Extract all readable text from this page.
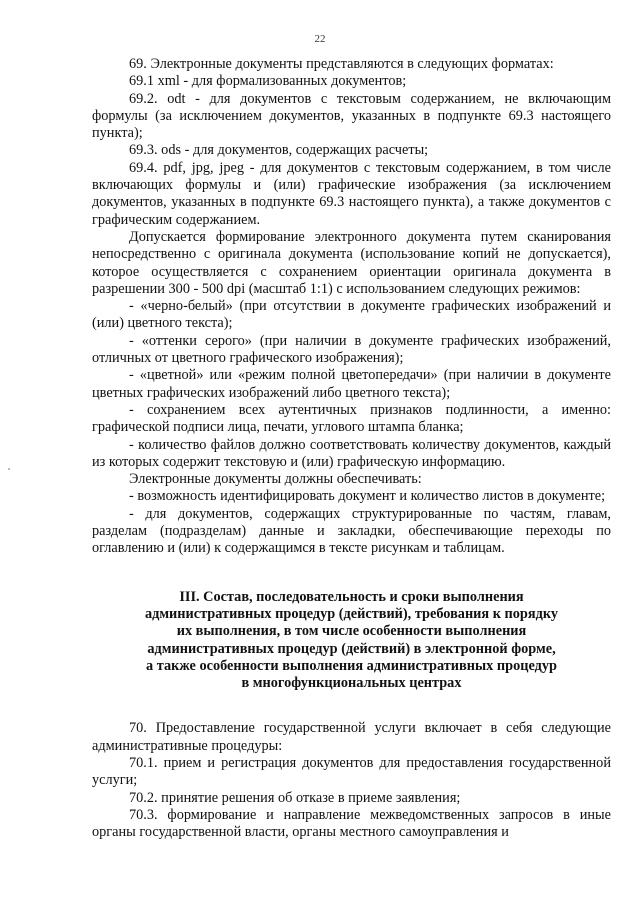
22

69. Электронные документы представляются в следующих форматах:

69.1 xml - для формализованных документов;

69.2. odt - для документов с текстовым содержанием, не включающим формулы (за исключением документов, указанных в подпункте 69.3 настоящего пункта);

69.3. ods - для документов, содержащих расчеты;

69.4. pdf, jpg, jpeg - для документов с текстовым содержанием, в том числе включающих формулы и (или) графические изображения (за исключением документов, указанных в подпункте 69.3 настоящего пункта), а также документов с графическим содержанием.

Допускается формирование электронного документа путем сканирования непосредственно с оригинала документа (использование копий не допускается), которое осуществляется с сохранением ориентации оригинала документа в разрешении 300 - 500 dpi (масштаб 1:1) с использованием следующих режимов:

- «черно-белый» (при отсутствии в документе графических изображений и (или) цветного текста);

- «оттенки серого» (при наличии в документе графических изображений, отличных от цветного графического изображения);

- «цветной» или «режим полной цветопередачи» (при наличии в документе цветных графических изображений либо цветного текста);

- сохранением всех аутентичных признаков подлинности, а именно: графической подписи лица, печати, углового штампа бланка;

- количество файлов должно соответствовать количеству документов, каждый из которых содержит текстовую и (или) графическую информацию.

Электронные документы должны обеспечивать:

- возможность идентифицировать документ и количество листов в документе;

- для документов, содержащих структурированные по частям, главам, разделам (подразделам) данные и закладки, обеспечивающие переходы по оглавлению и (или) к содержащимся в тексте рисункам и таблицам.

III. Состав, последовательность и сроки выполнения
административных процедур (действий), требования к порядку
их выполнения, в том числе особенности выполнения
административных процедур (действий) в электронной форме,
а также особенности выполнения административных процедур
в многофункциональных центрах

70. Предоставление государственной услуги включает в себя следующие административные процедуры:

70.1. прием и регистрация документов для предоставления государственной услуги;

70.2. принятие решения об отказе в приеме заявления;

70.3. формирование и направление межведомственных запросов в иные органы государственной власти, органы местного самоуправления и
